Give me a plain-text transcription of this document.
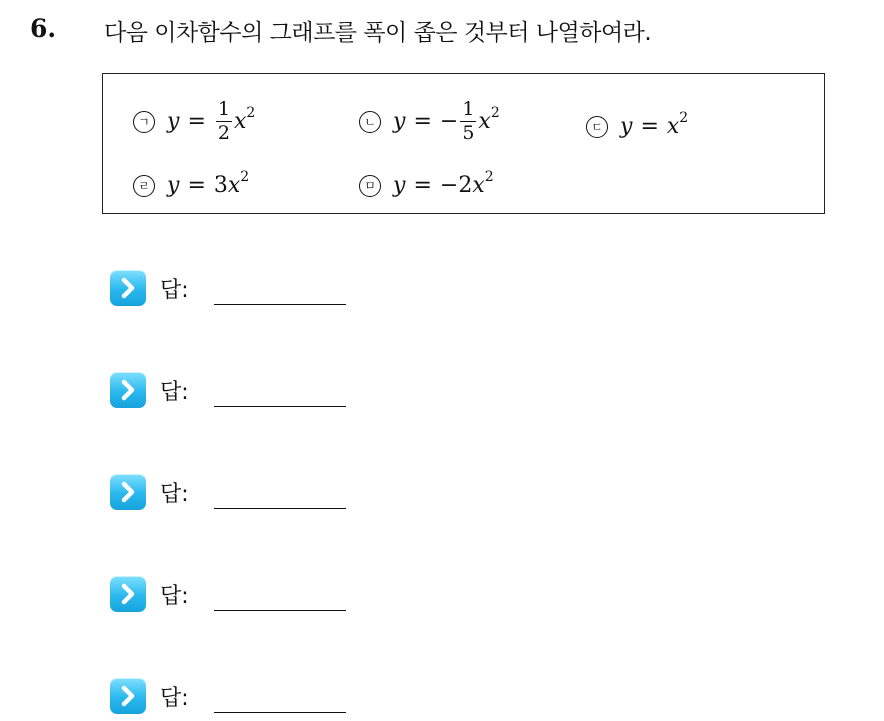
6. 다음 이차함수의 그래프를 폭이 좁은 것부터 나열하여라.
ㄱ $y = \frac{1}{2} x^2$
ㄴ y = − $\frac{1}{5} x^2$
ㄷ $y = x^2$
ㄹ y = 3 $x^2$
ㅁ y = − 2 $x^2$
답:
답:
답:
답:
답:
